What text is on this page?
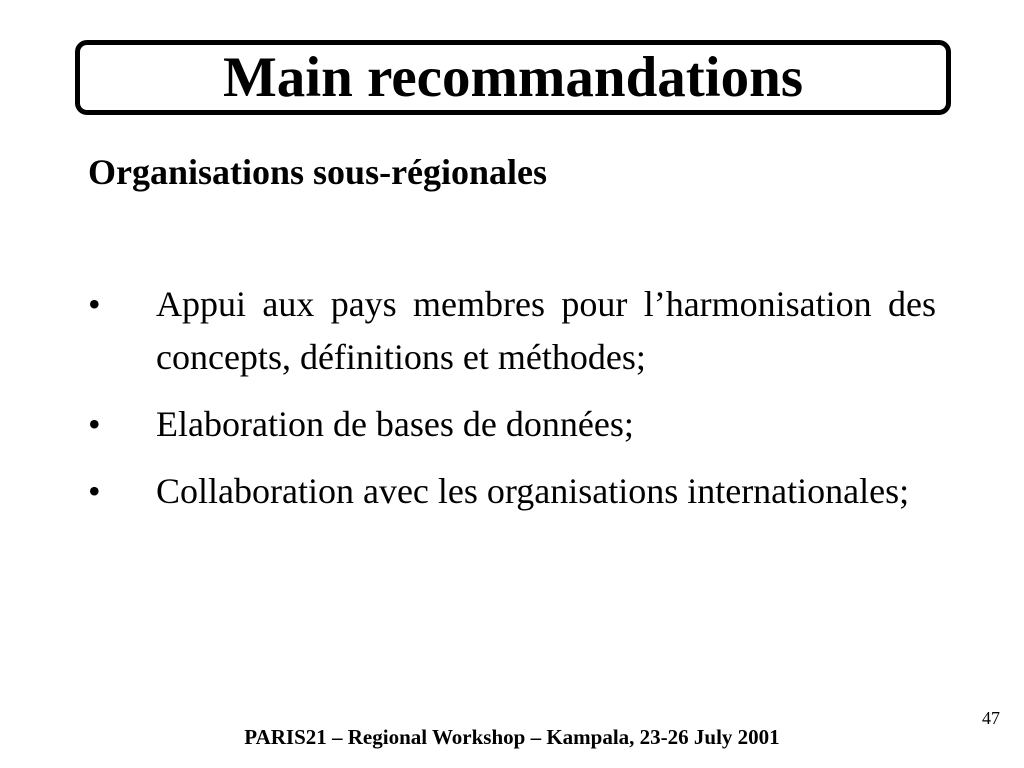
Main recommandations
Organisations sous-régionales
•	Appui aux pays membres pour l’harmonisation des concepts, définitions et méthodes;
•	Elaboration de bases de données;
•	Collaboration avec les organisations internationales;
47
PARIS21 – Regional Workshop – Kampala, 23-26 July 2001
